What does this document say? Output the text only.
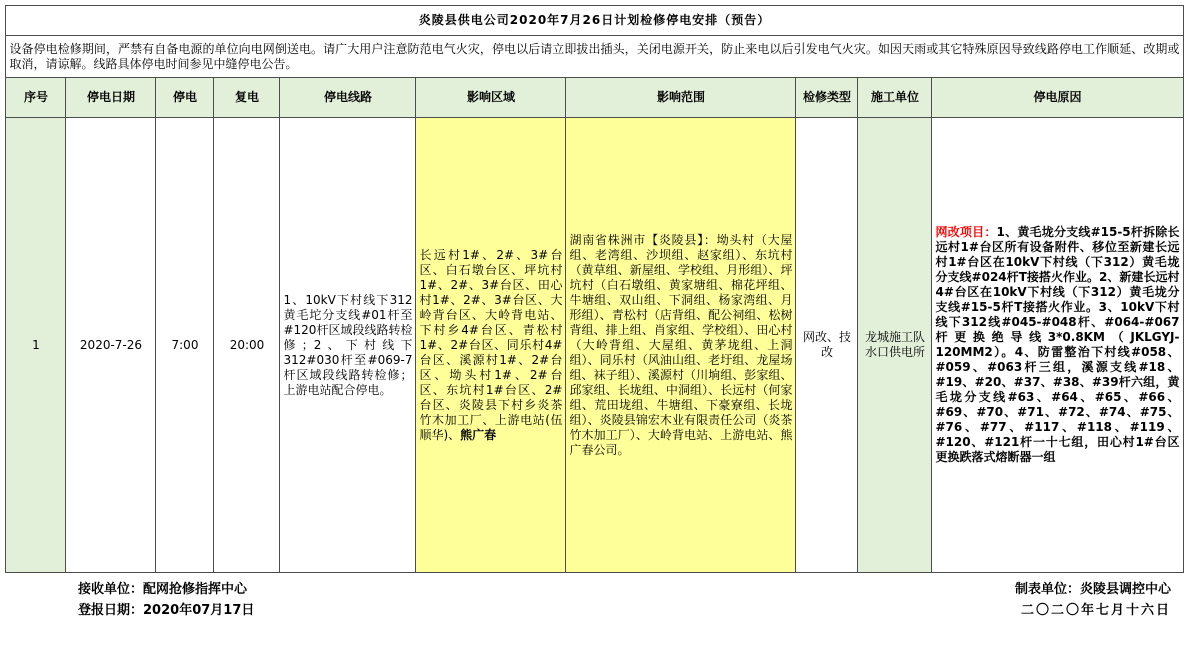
炎陵县供电公司2020年7月26日计划检修停电安排（预告）									
设备停电检修期间，严禁有自备电源的单位向电网倒送电。请广大用户注意防范电气火灾，停电以后请立即拔出插头，关闭电源开关，防止来电以后引发电气火灾。如因天雨或其它特殊原因导致线路停电工作顺延、改期或取消，请谅解。线路具体停电时间参见中缝停电公告。									
序号	停电日期	停电	复电	停电线路	影响区域	影响范围	检修类型	施工单位	停电原因
1	2020-7-26	7:00	20:00	1、10kV下村线下312黄毛坨分支线#01杆至#120杆区域段线路转检修；2、下村线下312#030杆至#069-7杆区域段线路转检修；上游电站配合停电。	长远村1#、2#、3#台区、白石墩台区、坪坑村1#、2#、3#台区、田心村1#、2#、3#台区、大岭背台区、大岭背电站、下村乡4#台区、青松村1#、2#台区、同乐村4#台区、溪源村1#、2#台区、坳头村1#、2#台区、东坑村1#台区、2#台区、炎陵县下村乡炎茶竹木加工厂、上游电站(伍顺华)、熊广春	湖南省株洲市【炎陵县】：坳头村（大屋组、老湾组、沙坝组、赵家组）、东坑村（黄草组、新屋组、学校组、月形组）、坪坑村（白石墩组、黄家塘组、棉花坪组、牛塘组、双山组、下洞组、杨家湾组、月形组）、青松村（店背组、配公祠组、松树背组、排上组、肖家组、学校组）、田心村（大岭背组、大屋组、黄茅垅组、上洞组）、同乐村（风油山组、老圩组、龙屋场组、袜子组）、溪源村（川垧组、彭家组、邱家组、长垅组、中洞组）、长远村（何家组、荒田垅组、牛塘组、下豪寮组、长垅组）、炎陵县锦宏木业有限责任公司（炎茶竹木加工厂）、大岭背电站、上游电站、熊广春公司。	网改、技改	龙城施工队水口供电所	网改项目：1、黄毛垅分支线#15-5杆拆除长远村1#台区所有设备附件、移位至新建长远村1#台区在10kV下村线（下312）黄毛垅分支线#024杆T接搭火作业。2、新建长远村4#台区在10kV下村线（下312）黄毛垅分支线#15-5杆T接搭火作业。3、10kV下村线下312线#045-#048杆、#064-#067杆更换绝导线3*0.8KM（JKLGYJ-120MM2）。4、防雷整治下村线#058、#059、#063杆三组，溪源支线#18、#19、#20、#37、#38、#39杆六组，黄毛垅分支线#63、#64、#65、#66、#69、#70、#71、#72、#74、#75、#76、#77、#117、#118、#119、#120、#121杆一十七组，田心村1#台区更换跌落式熔断器一组
接收单位：配网抢修指挥中心
登报日期：2020年07月17日
制表单位：炎陵县调控中心
二〇二〇年七月十六日
